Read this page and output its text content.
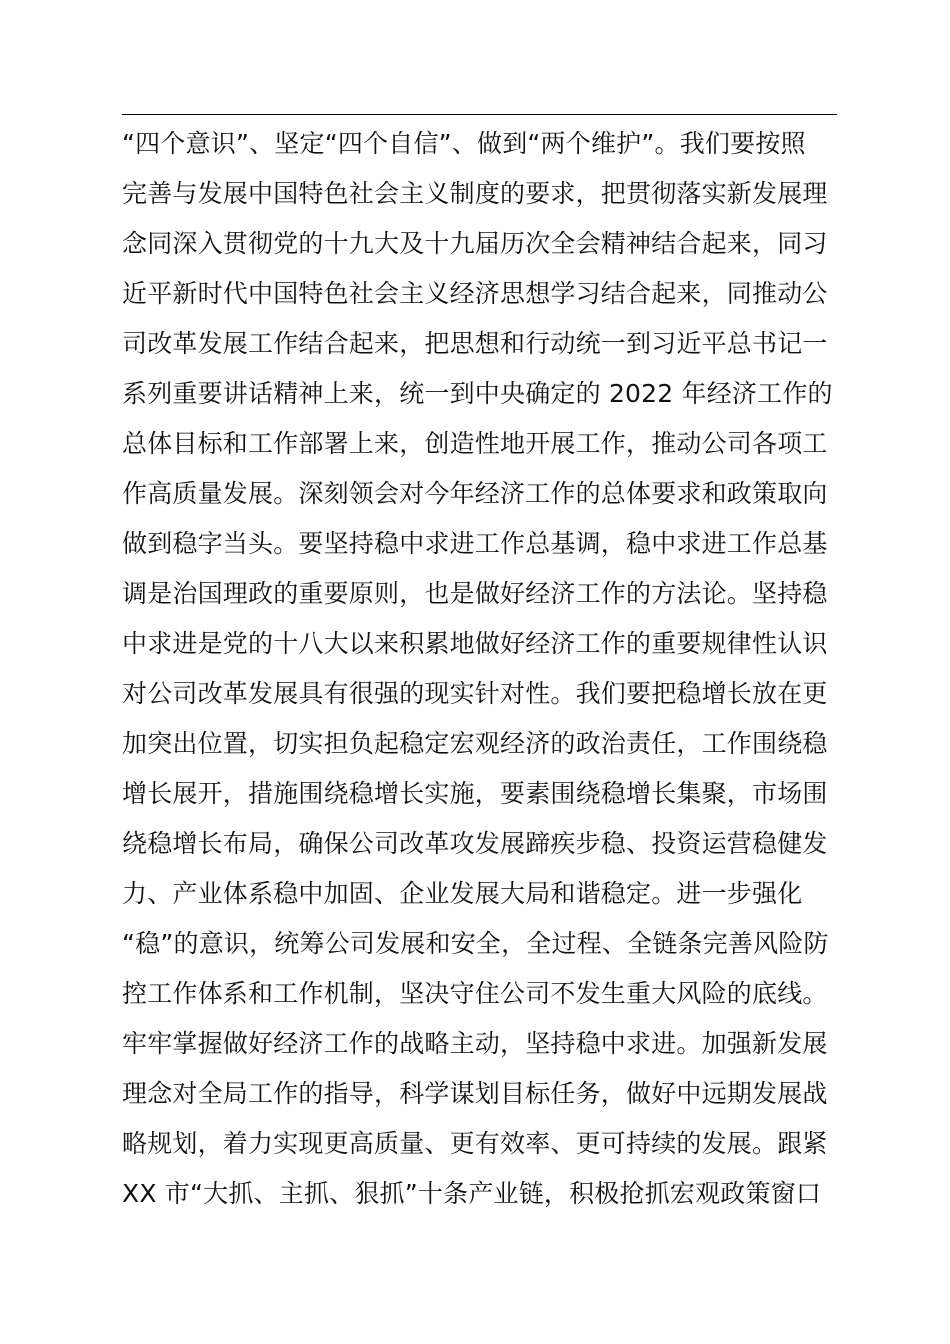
“四个意识”、坚定“四个自信”、做到“两个维护”。我们要按照
完善与发展中国特色社会主义制度的要求，把贯彻落实新发展理
念同深入贯彻党的十九大及十九届历次全会精神结合起来，同习
近平新时代中国特色社会主义经济思想学习结合起来，同推动公
司改革发展工作结合起来，把思想和行动统一到习近平总书记一
系列重要讲话精神上来，统一到中央确定的 2022 年经济工作的
总体目标和工作部署上来，创造性地开展工作，推动公司各项工
作高质量发展。深刻领会对今年经济工作的总体要求和政策取向
做到稳字当头。要坚持稳中求进工作总基调，稳中求进工作总基
调是治国理政的重要原则，也是做好经济工作的方法论。坚持稳
中求进是党的十八大以来积累地做好经济工作的重要规律性认识
对公司改革发展具有很强的现实针对性。我们要把稳增长放在更
加突出位置，切实担负起稳定宏观经济的政治责任，工作围绕稳
增长展开，措施围绕稳增长实施，要素围绕稳增长集聚，市场围
绕稳增长布局，确保公司改革攻发展蹄疾步稳、投资运营稳健发
力、产业体系稳中加固、企业发展大局和谐稳定。进一步强化
“稳”的意识，统筹公司发展和安全，全过程、全链条完善风险防
控工作体系和工作机制，坚决守住公司不发生重大风险的底线。
牢牢掌握做好经济工作的战略主动，坚持稳中求进。加强新发展
理念对全局工作的指导，科学谋划目标任务，做好中远期发展战
略规划，着力实现更高质量、更有效率、更可持续的发展。跟紧
XX 市“大抓、主抓、狠抓”十条产业链，积极抢抓宏观政策窗口
